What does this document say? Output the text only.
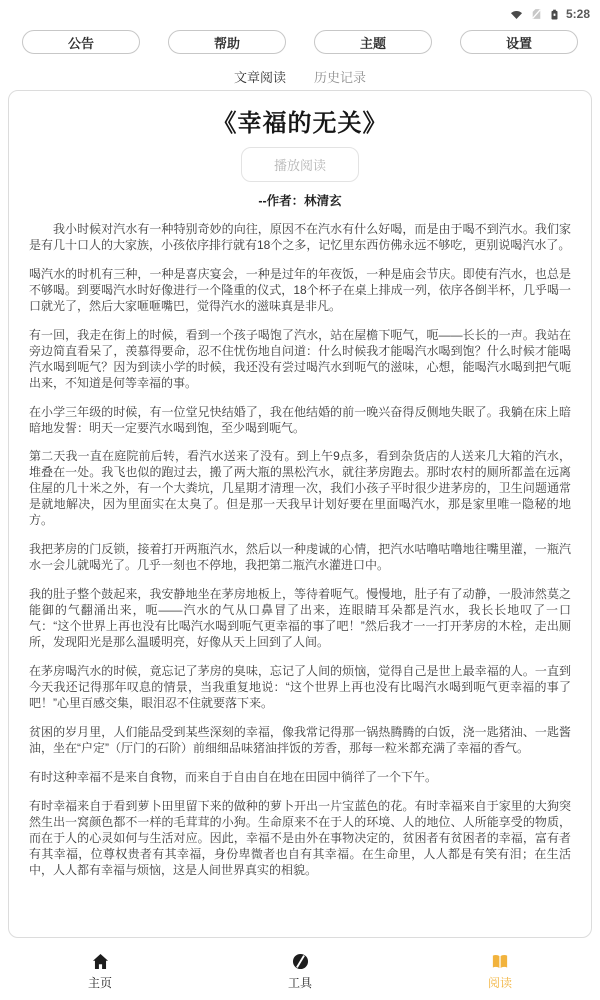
5:28
公告	帮助	主题	设置
文章阅读 历史记录
《幸福的无关》
播放阅读
--作者：林清玄

我小时候对汽水有一种特别奇妙的向往，原因不在汽水有什么好喝，而是由于喝不到汽水。我们家是有几十口人的大家族，小孩依序排行就有18个之多，记忆里东西仿佛永远不够吃，更别说喝汽水了。

喝汽水的时机有三种，一种是喜庆宴会，一种是过年的年夜饭，一种是庙会节庆。即使有汽水，也总是不够喝。到要喝汽水时好像进行一个隆重的仪式，18个杯子在桌上排成一列，依序各倒半杯，几乎喝一口就光了，然后大家咂咂嘴巴，觉得汽水的滋味真是非凡。

有一回，我走在街上的时候，看到一个孩子喝饱了汽水，站在屋檐下呃气，呃——长长的一声。我站在旁边简直看呆了，羡慕得要命，忍不住忧伤地自问道：什么时候我才能喝汽水喝到饱？什么时候才能喝汽水喝到呃气？因为到读小学的时候，我还没有尝过喝汽水到呃气的滋味，心想，能喝汽水喝到把气呃出来，不知道是何等幸福的事。

在小学三年级的时候，有一位堂兄快结婚了，我在他结婚的前一晚兴奋得反侧地失眠了。我躺在床上暗暗地发誓：明天一定要汽水喝到饱，至少喝到呃气。

第二天我一直在庭院前后转，看汽水送来了没有。到上午9点多，看到杂货店的人送来几大箱的汽水，堆叠在一处。我飞也似的跑过去，搬了两大瓶的黑松汽水，就往茅房跑去。那时农村的厕所都盖在远离住屋的几十米之外，有一个大粪坑，几星期才清理一次，我们小孩子平时很少进茅房的，卫生问题通常是就地解决，因为里面实在太臭了。但是那一天我早计划好要在里面喝汽水，那是家里唯一隐秘的地方。

我把茅房的门反锁，接着打开两瓶汽水，然后以一种虔诚的心情，把汽水咕噜咕噜地往嘴里灌，一瓶汽水一会儿就喝光了。几乎一刻也不停地，我把第二瓶汽水灌进口中。

我的肚子整个鼓起来，我安静地坐在茅房地板上，等待着呃气。慢慢地，肚子有了动静，一股沛然莫之能御的气翻涌出来，呃——汽水的气从口鼻冒了出来，连眼睛耳朵都是汽水，我长长地叹了一口气：“这个世界上再也没有比喝汽水喝到呃气更幸福的事了吧！”然后我才一一打开茅房的木栓，走出厕所，发现阳光是那么温暖明亮，好像从天上回到了人间。

在茅房喝汽水的时候，竟忘记了茅房的臭味，忘记了人间的烦恼，觉得自己是世上最幸福的人。一直到今天我还记得那年叹息的情景，当我重复地说：“这个世界上再也没有比喝汽水喝到呃气更幸福的事了吧！”心里百感交集，眼泪忍不住就要落下来。

贫困的岁月里，人们能品受到某些深刻的幸福，像我常记得那一锅热腾腾的白饭，浇一匙猪油、一匙酱油，坐在“户定”（厅门的石阶）前细细品味猪油拌饭的芳香，那每一粒米都充满了幸福的香气。

有时这种幸福不是来自食物，而来自于自由自在地在田园中徜徉了一个下午。

有时幸福来自于看到萝卜田里留下来的做种的萝卜开出一片宝蓝色的花。有时幸福来自于家里的大狗突然生出一窝颜色都不一样的毛茸茸的小狗。生命原来不在于人的环境、人的地位、人所能享受的物质，而在于人的心灵如何与生活对应。因此，幸福不是由外在事物决定的，贫困者有贫困者的幸福，富有者有其幸福，位尊权贵者有其幸福，身份卑微者也自有其幸福。在生命里，人人都是有笑有泪；在生活中，人人都有幸福与烦恼，这是人间世界真实的相貌。

主页	工具	阅读
